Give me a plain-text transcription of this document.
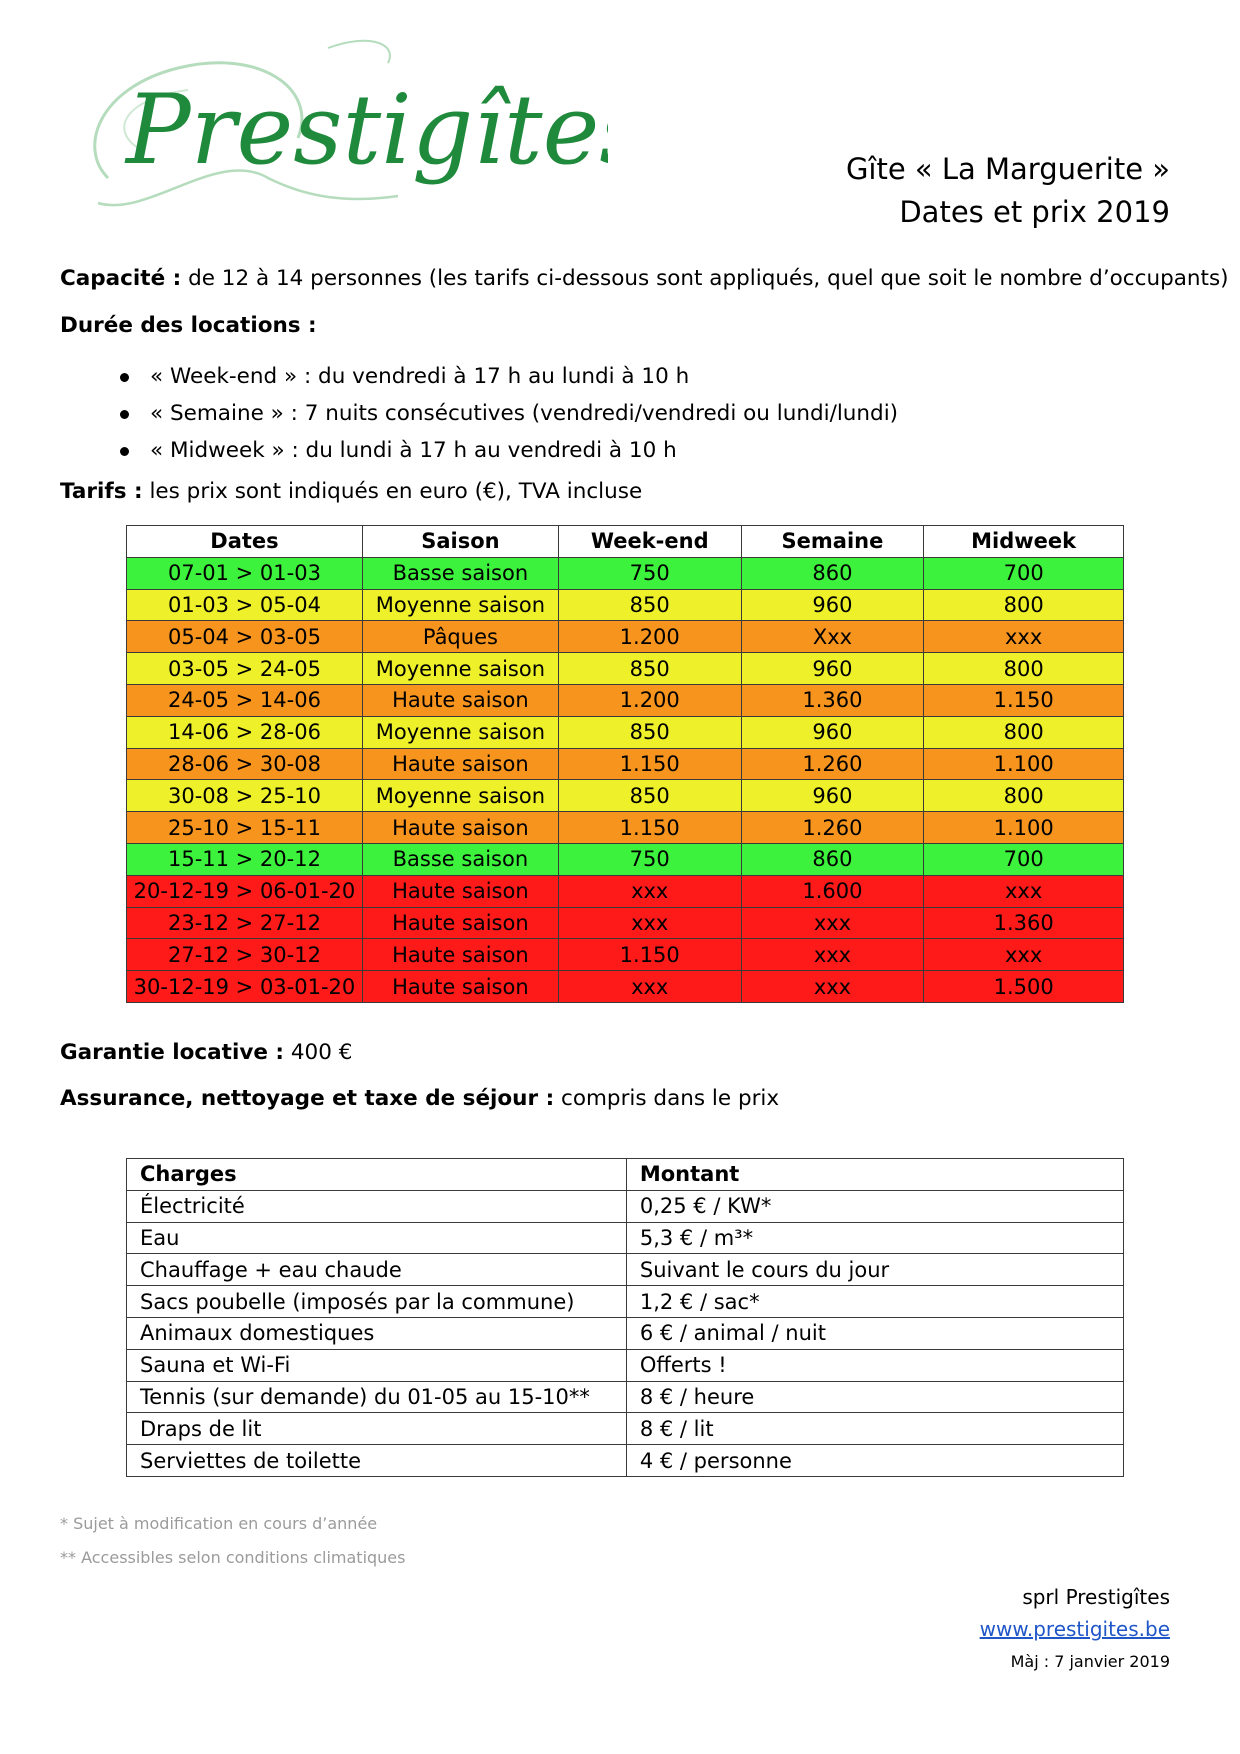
Prestigîtes	Gîte « La Marguerite »
Dates et prix 2019
Capacité : de 12 à 14 personnes (les tarifs ci-dessous sont appliqués, quel que soit le nombre d’occupants)
Durée des locations :
« Week-end » : du vendredi à 17 h au lundi à 10 h
« Semaine » : 7 nuits consécutives (vendredi/vendredi ou lundi/lundi)
« Midweek » : du lundi à 17 h au vendredi à 10 h
Tarifs : les prix sont indiqués en euro (€), TVA incluse
Dates	Saison	Week-end	Semaine	Midweek
07-01 > 01-03	Basse saison	750	860	700
01-03 > 05-04	Moyenne saison	850	960	800
05-04 > 03-05	Pâques	1.200	Xxx	xxx
03-05 > 24-05	Moyenne saison	850	960	800
24-05 > 14-06	Haute saison	1.200	1.360	1.150
14-06 > 28-06	Moyenne saison	850	960	800
28-06 > 30-08	Haute saison	1.150	1.260	1.100
30-08 > 25-10	Moyenne saison	850	960	800
25-10 > 15-11	Haute saison	1.150	1.260	1.100
15-11 > 20-12	Basse saison	750	860	700
20-12-19 > 06-01-20	Haute saison	xxx	1.600	xxx
23-12 > 27-12	Haute saison	xxx	xxx	1.360
27-12 > 30-12	Haute saison	1.150	xxx	xxx
30-12-19 > 03-01-20	Haute saison	xxx	xxx	1.500
Garantie locative : 400 €
Assurance, nettoyage et taxe de séjour : compris dans le prix
Charges	Montant
Électricité	0,25 € / KW*
Eau	5,3 € / m³*
Chauffage + eau chaude	Suivant le cours du jour
Sacs poubelle (imposés par la commune)	1,2 € / sac*
Animaux domestiques	6 € / animal / nuit
Sauna et Wi-Fi	Offerts !
Tennis (sur demande) du 01-05 au 15-10**	8 € / heure
Draps de lit	8 € / lit
Serviettes de toilette	4 € / personne
* Sujet à modification en cours d’année
** Accessibles selon conditions climatiques
sprl Prestigîtes
www.prestigites.be
Màj : 7 janvier 2019
